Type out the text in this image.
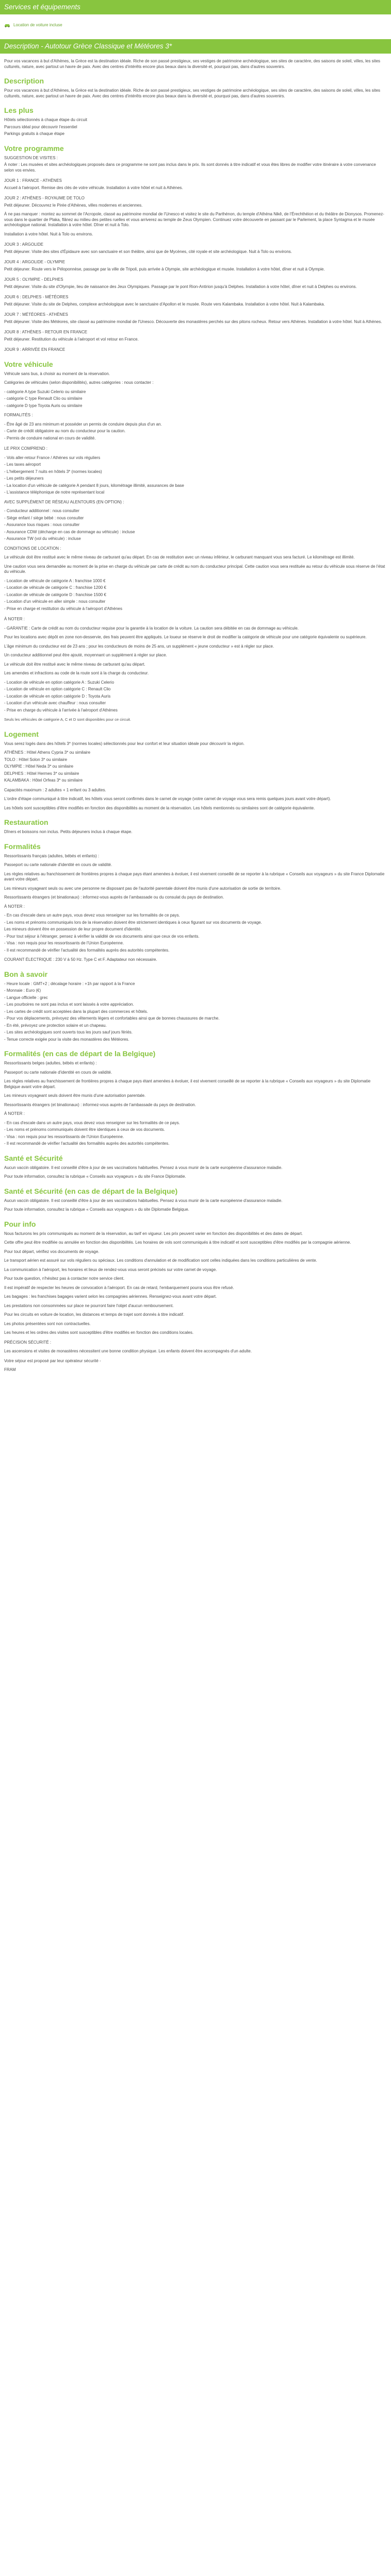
Services et équipements
Location de voiture incluse
Description - Autotour Grèce Classique et Météores 3*

Pour vos vacances à but d'Athènes, la Grèce est la destination idéale. Riche de son passé prestigieux, ses vestiges de patrimoine archéologique, ses sites de caractère, des saisons de soleil, villes, les sites culturels, nature, avec partout un havre de paix. Avec des centres d'intérêts encore plus beaux dans la diversité et, pourquoi pas, dans d'autres souvenirs.

Description

Pour vos vacances à but d'Athènes, la Grèce est la destination idéale. Riche de son passé prestigieux, ses vestiges de patrimoine archéologique, ses sites de caractère, des saisons de soleil, villes, les sites culturels, nature, avec partout un havre de paix. Avec des centres d'intérêts encore plus beaux dans la diversité et, pourquoi pas, dans d'autres souvenirs.

Les plus
Hôtels sélectionnés à chaque étape du circuit
Parcours idéal pour découvrir l'essentiel
Parkings gratuits à chaque étape
Votre programme
SUGGESTION DE VISITES :

À noter : Les musées et sites archéologiques proposés dans ce programme ne sont pas inclus dans le prix. Ils sont donnés à titre indicatif et vous êtes libres de modifier votre itinéraire à votre convenance selon vos envies.

JOUR 1 : FRANCE - ATHÈNES

Accueil à l'aéroport. Remise des clés de votre véhicule. Installation à votre hôtel et nuit à Athènes.

JOUR 2 : ATHÈNES - ROYAUME DE TOLO

Petit déjeuner. Découvrez le Pirée d'Athènes, villes modernes et anciennes.

À ne pas manquer : montez au sommet de l'Acropole, classé au patrimoine mondial de l'Unesco et visitez le site du Parthénon, du temple d'Athéna Nikê, de l'Érechthéion et du théâtre de Dionysos. Promenez-vous dans le quartier de Plaka, flânez au milieu des petites ruelles et vous arriverez au temple de Zeus Olympien. Continuez votre découverte en passant par le Parlement, la place Syntagma et le musée archéologique national. Installation à votre hôtel. Dîner et nuit à Tolo.

Installation à votre hôtel. Nuit à Tolo ou environs.

JOUR 3 : ARGOLIDE

Petit déjeuner. Visite des sites d'Épidaure avec son sanctuaire et son théâtre, ainsi que de Mycènes, cité royale et site archéologique. Nuit à Tolo ou environs.

JOUR 4 : ARGOLIDE - OLYMPIE

Petit déjeuner. Route vers le Péloponnèse, passage par la ville de Tripoli, puis arrivée à Olympie, site archéologique et musée. Installation à votre hôtel, dîner et nuit à Olympie.

JOUR 5 : OLYMPIE - DELPHES

Petit déjeuner. Visite du site d'Olympie, lieu de naissance des Jeux Olympiques. Passage par le pont Rion-Antirion jusqu'à Delphes. Installation à votre hôtel, dîner et nuit à Delphes ou environs.

JOUR 6 : DELPHES - MÉTÉORES

Petit déjeuner. Visite du site de Delphes, complexe archéologique avec le sanctuaire d'Apollon et le musée. Route vers Kalambaka. Installation à votre hôtel. Nuit à Kalambaka.

JOUR 7 : MÉTÉORES - ATHÈNES

Petit déjeuner. Visite des Météores, site classé au patrimoine mondial de l'Unesco. Découverte des monastères perchés sur des pitons rocheux. Retour vers Athènes. Installation à votre hôtel. Nuit à Athènes.

JOUR 8 : ATHÈNES - RETOUR EN FRANCE

Petit déjeuner. Restitution du véhicule à l'aéroport et vol retour en France.

JOUR 9 : ARRIVÉE EN FRANCE
Votre véhicule

Véhicule sans bus, à choisir au moment de la réservation.

Catégories de véhicules (selon disponibilités), autres catégories : nous contacter :

- catégorie A type Suzuki Celerio ou similaire
- catégorie C type Renault Clio ou similaire
- catégorie D type Toyota Auris ou similaire

FORMALITÉS :

- Être âgé de 23 ans minimum et posséder un permis de conduire depuis plus d'un an.
- Carte de crédit obligatoire au nom du conducteur pour la caution.
- Permis de conduire national en cours de validité.

LE PRIX COMPREND :

- Vols aller-retour France / Athènes sur vols réguliers
- Les taxes aéroport
- L'hébergement 7 nuits en hôtels 3* (normes locales)
- Les petits déjeuners
- La location d'un véhicule de catégorie A pendant 8 jours, kilométrage illimité, assurances de base
- L'assistance téléphonique de notre représentant local

AVEC SUPPLÉMENT DE RÉSEAU ALENTOURS (EN OPTION) :

- Conducteur additionnel : nous consulter
- Siège enfant / siège bébé : nous consulter
- Assurance tous risques : nous consulter
- Assurance CDW (décharge en cas de dommage au véhicule) : incluse
- Assurance TW (vol du véhicule) : incluse

CONDITIONS DE LOCATION :

Le véhicule doit être restitué avec le même niveau de carburant qu'au départ. En cas de restitution avec un niveau inférieur, le carburant manquant vous sera facturé. Le kilométrage est illimité.

Une caution vous sera demandée au moment de la prise en charge du véhicule par carte de crédit au nom du conducteur principal. Cette caution vous sera restituée au retour du véhicule sous réserve de l'état du véhicule.

- Location de véhicule de catégorie A : franchise 1000 €
- Location de véhicule de catégorie C : franchise 1200 €
- Location de véhicule de catégorie D : franchise 1500 €
- Location d'un véhicule en aller simple : nous consulter
- Prise en charge et restitution du véhicule à l'aéroport d'Athènes

À NOTER :

- GARANTIE : Carte de crédit au nom du conducteur requise pour la garantie à la location de la voiture. La caution sera débitée en cas de dommage au véhicule.

Pour les locations avec dépôt en zone non-desservie, des frais peuvent être appliqués. Le loueur se réserve le droit de modifier la catégorie de véhicule pour une catégorie équivalente ou supérieure.

L'âge minimum du conducteur est de 23 ans ; pour les conducteurs de moins de 25 ans, un supplément « jeune conducteur » est à régler sur place.

Un conducteur additionnel peut être ajouté, moyennant un supplément à régler sur place.

Le véhicule doit être restitué avec le même niveau de carburant qu'au départ.

Les amendes et infractions au code de la route sont à la charge du conducteur.

- Location de véhicule en option catégorie A : Suzuki Celerio
- Location de véhicule en option catégorie C : Renault Clio
- Location de véhicule en option catégorie D : Toyota Auris
- Location d'un véhicule avec chauffeur : nous consulter
- Prise en charge du véhicule à l'arrivée à l'aéroport d'Athènes

Seuls les véhicules de catégorie A, C et D sont disponibles pour ce circuit.

Logement

Vous serez logés dans des hôtels 3* (normes locales) sélectionnés pour leur confort et leur situation idéale pour découvrir la région.

ATHÈNES : Hôtel Athens Cypria 3* ou similaire
TOLO : Hôtel Solon 3* ou similaire
OLYMPIE : Hôtel Neda 3* ou similaire
DELPHES : Hôtel Hermes 3* ou similaire
KALAMBAKA : Hôtel Orfeas 3* ou similaire

Capacités maximum : 2 adultes + 1 enfant ou 3 adultes.

L'ordre d'étape communiqué à titre indicatif, les hôtels vous seront confirmés dans le carnet de voyage (votre carnet de voyage vous sera remis quelques jours avant votre départ).

Les hôtels sont susceptibles d'être modifiés en fonction des disponibilités au moment de la réservation. Les hôtels mentionnés ou similaires sont de catégorie équivalente.

Restauration

Dîners et boissons non inclus. Petits déjeuners inclus à chaque étape.

Formalités

Ressortissants français (adultes, bébés et enfants) :

Passeport ou carte nationale d'identité en cours de validité.

Les règles relatives au franchissement de frontières propres à chaque pays étant amenées à évoluer, il est vivement conseillé de se reporter à la rubrique « Conseils aux voyageurs » du site France Diplomatie avant votre départ.

Les mineurs voyageant seuls ou avec une personne ne disposant pas de l'autorité parentale doivent être munis d'une autorisation de sortie de territoire.

Ressortissants étrangers (et binationaux) : informez-vous auprès de l'ambassade ou du consulat du pays de destination.

À NOTER :

- En cas d'escale dans un autre pays, vous devez vous renseigner sur les formalités de ce pays.
- Les noms et prénoms communiqués lors de la réservation doivent être strictement identiques à ceux figurant sur vos documents de voyage.
Les mineurs doivent être en possession de leur propre document d'identité.
- Pour tout séjour à l'étranger, pensez à vérifier la validité de vos documents ainsi que ceux de vos enfants.
- Visa : non requis pour les ressortissants de l'Union Européenne.
- Il est recommandé de vérifier l'actualité des formalités auprès des autorités compétentes.

COURANT ÉLECTRIQUE : 230 V à 50 Hz. Type C et F. Adaptateur non nécessaire.

Bon à savoir
- Heure locale : GMT+2 ; décalage horaire : +1h par rapport à la France
- Monnaie : Euro (€)
- Langue officielle : grec
- Les pourboires ne sont pas inclus et sont laissés à votre appréciation.
- Les cartes de crédit sont acceptées dans la plupart des commerces et hôtels.
- Pour vos déplacements, prévoyez des vêtements légers et confortables ainsi que de bonnes chaussures de marche.
- En été, prévoyez une protection solaire et un chapeau.
- Les sites archéologiques sont ouverts tous les jours sauf jours fériés.
- Tenue correcte exigée pour la visite des monastères des Météores.
Formalités (en cas de départ de la Belgique)

Ressortissants belges (adultes, bébés et enfants) :

Passeport ou carte nationale d'identité en cours de validité.

Les règles relatives au franchissement de frontières propres à chaque pays étant amenées à évoluer, il est vivement conseillé de se reporter à la rubrique « Conseils aux voyageurs » du site Diplomatie Belgique avant votre départ.

Les mineurs voyageant seuls doivent être munis d'une autorisation parentale.

Ressortissants étrangers (et binationaux) : informez-vous auprès de l'ambassade du pays de destination.

À NOTER :

- En cas d'escale dans un autre pays, vous devez vous renseigner sur les formalités de ce pays.
- Les noms et prénoms communiqués doivent être identiques à ceux de vos documents.
- Visa : non requis pour les ressortissants de l'Union Européenne.
- Il est recommandé de vérifier l'actualité des formalités auprès des autorités compétentes.
Santé et Sécurité

Aucun vaccin obligatoire. Il est conseillé d'être à jour de ses vaccinations habituelles. Pensez à vous munir de la carte européenne d'assurance maladie.

Pour toute information, consultez la rubrique « Conseils aux voyageurs » du site France Diplomatie.

Santé et Sécurité (en cas de départ de la Belgique)

Aucun vaccin obligatoire. Il est conseillé d'être à jour de ses vaccinations habituelles. Pensez à vous munir de la carte européenne d'assurance maladie.

Pour toute information, consultez la rubrique « Conseils aux voyageurs » du site Diplomatie Belgique.

Pour info

Nous facturons les prix communiqués au moment de la réservation, au tarif en vigueur. Les prix peuvent varier en fonction des disponibilités et des dates de départ.

Cette offre peut être modifiée ou annulée en fonction des disponibilités. Les horaires de vols sont communiqués à titre indicatif et sont susceptibles d'être modifiés par la compagnie aérienne.

Pour tout départ, vérifiez vos documents de voyage.

Le transport aérien est assuré sur vols réguliers ou spéciaux. Les conditions d'annulation et de modification sont celles indiquées dans les conditions particulières de vente.

La communication à l'aéroport, les horaires et lieux de rendez-vous vous seront précisés sur votre carnet de voyage.

Pour toute question, n'hésitez pas à contacter notre service client.

Il est impératif de respecter les heures de convocation à l'aéroport. En cas de retard, l'embarquement pourra vous être refusé.

Les bagages : les franchises bagages varient selon les compagnies aériennes. Renseignez-vous avant votre départ.

Les prestations non consommées sur place ne pourront faire l'objet d'aucun remboursement.

Pour les circuits en voiture de location, les distances et temps de trajet sont donnés à titre indicatif.

Les photos présentées sont non contractuelles.

Les heures et les ordres des visites sont susceptibles d'être modifiés en fonction des conditions locales.

PRÉCISION SÉCURITÉ :

Les ascensions et visites de monastères nécessitent une bonne condition physique. Les enfants doivent être accompagnés d'un adulte.

Votre séjour est proposé par leur opérateur sécurité -

FRAM
